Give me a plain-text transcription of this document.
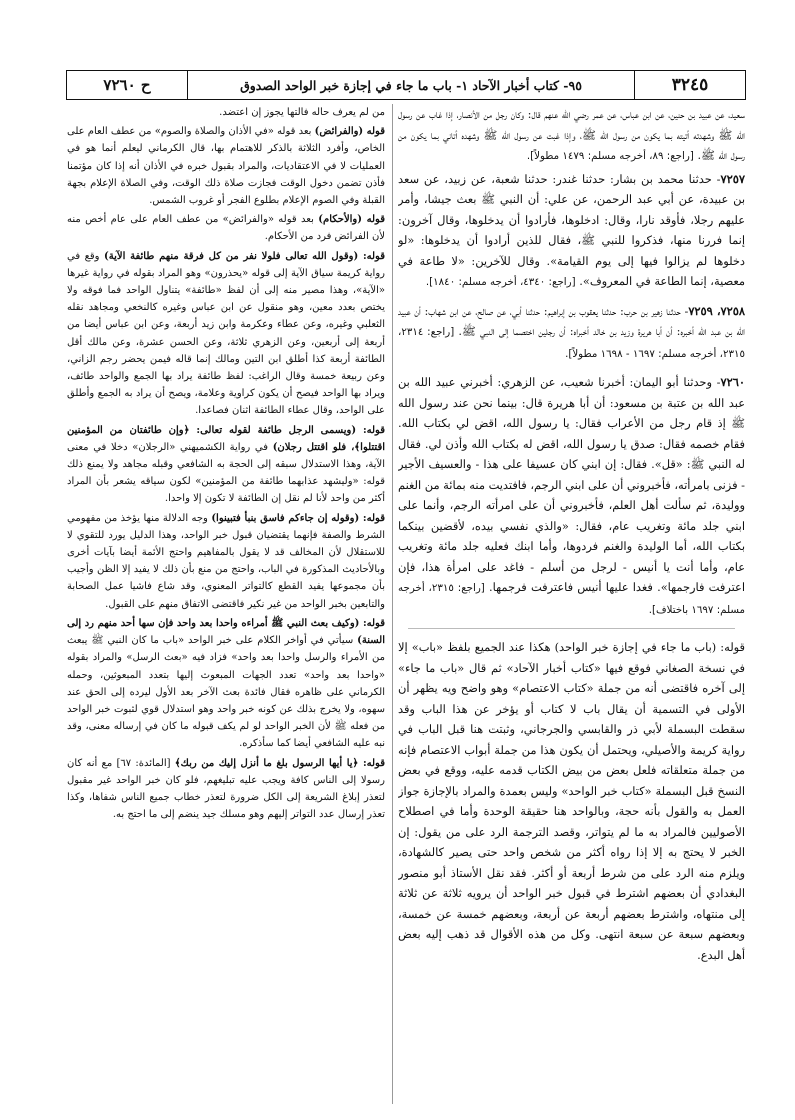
٣٢٤٥
٩٥- كتاب أخبار الآحاد ١- باب ما جاء في إجازة خبر الواحد الصدوق
ح ٧٢٦٠

سعيد، عن عبيد بن حنين، عن ابن عباس، عن عمر رضي الله عنهم قال: وكان رجل من الأنصار، إذا غاب عن رسول الله ﷺ وشهدته أتيته بما يكون من رسول الله ﷺ، وإذا غبت عن رسول الله ﷺ وشهده أتاني بما يكون من رسول الله ﷺ. [راجع: ٨٩، أخرجه مسلم: ١٤٧٩ مطولاً].

٧٢٥٧- حدثنا محمد بن بشار: حدثنا غندر: حدثنا شعبة، عن زبيد، عن سعد بن عبيدة، عن أبي عبد الرحمن، عن علي: أن النبي ﷺ بعث جيشا، وأمر عليهم رجلا، فأوقد نارا، وقال: ادخلوها، فأرادوا أن يدخلوها، وقال آخرون: إنما فررنا منها، فذكروا للنبي ﷺ، فقال للذين أرادوا أن يدخلوها: «لو دخلوها لم يزالوا فيها إلى يوم القيامة». وقال للآخرين: «لا طاعة في معصية، إنما الطاعة في المعروف». [راجع: ٤٣٤٠، أخرجه مسلم: ١٨٤٠].

٧٢٥٨، ٧٢٥٩- حدثنا زهير بن حرب: حدثنا يعقوب بن إبراهيم: حدثنا أبي، عن صالح، عن ابن شهاب: أن عبيد الله بن عبد الله أخبره: أن أبا هريرة وزيد بن خالد أخبراه: أن رجلين اختصما إلى النبي ﷺ. [راجع: ٢٣١٤، ٢٣١٥، أخرجه مسلم: ١٦٩٧ - ١٦٩٨ مطولاً].

٧٢٦٠- وحدثنا أبو اليمان: أخبرنا شعيب، عن الزهري: أخبرني عبيد الله بن عبد الله بن عتبة بن مسعود: أن أبا هريرة قال: بينما نحن عند رسول الله ﷺ إذ قام رجل من الأعراب فقال: يا رسول الله، اقض لي بكتاب الله. فقام خصمه فقال: صدق يا رسول الله، اقض له بكتاب الله وأذن لي. فقال له النبي ﷺ: «قل». فقال: إن ابني كان عسيفا على هذا - والعسيف الأجير - فزنى بامرأته، فأخبروني أن على ابني الرجم، فافتديت منه بمائة من الغنم ووليدة، ثم سألت أهل العلم، فأخبروني أن على امرأته الرجم، وأنما على ابني جلد مائة وتغريب عام، فقال: «والذي نفسي بيده، لأقضين بينكما بكتاب الله، أما الوليدة والغنم فردوها، وأما ابنك فعليه جلد مائة وتغريب عام، وأما أنت يا أنيس - لرجل من أسلم - فاغد على امرأة هذا، فإن اعترفت فارجمها». فغدا عليها أنيس فاعترفت فرجمها. [راجع: ٢٣١٥، أخرجه مسلم: ١٦٩٧ باختلاف].

قوله: (باب ما جاء في إجازة خبر الواحد) هكذا عند الجميع بلفظ «باب» إلا في نسخة الصغاني فوقع فيها «كتاب أخبار الآحاد» ثم قال «باب ما جاء» إلى آخره فاقتضى أنه من جملة «كتاب الاعتصام» وهو واضح ويه يظهر أن الأولى في التسمية أن يقال باب لا كتاب أو يؤخر عن هذا الباب وقد سقطت البسملة لأبي ذر والقابسي والجرجاني، وثبتت هنا قبل الباب في رواية كريمة والأصيلي، ويحتمل أن يكون هذا من جملة أبواب الاعتصام فإنه من جملة متعلقاته فلعل بعض من بيض الكتاب قدمه عليه، ووقع في بعض النسخ قبل البسملة «كتاب خبر الواحد» وليس بعمدة والمراد بالإجازة جواز العمل به والقول بأنه حجة، وبالواحد هنا حقيقة الوحدة وأما في اصطلاح الأصوليين فالمراد به ما لم يتواتر، وقصد الترجمة الرد على من يقول: إن الخبر لا يحتج به إلا إذا رواه أكثر من شخص واحد حتى يصير كالشهادة، ويلزم منه الرد على من شرط أربعة أو أكثر. فقد نقل الأستاذ أبو منصور البغدادي أن بعضهم اشترط في قبول خبر الواحد أن يرويه ثلاثة عن ثلاثة إلى منتهاه، واشترط بعضهم أربعة عن أربعة، وبعضهم خمسة عن خمسة، وبعضهم سبعة عن سبعة انتهى. وكل من هذه الأقوال قد ذهب إليه بعض أهل البدع.

من لم يعرف حاله فالتها يجوز إن اعتضد.

قوله (والفرائض) بعد قوله «في الأذان والصلاة والصوم» من عطف العام على الخاص، وأفرد الثلاثة بالذكر للاهتمام بها، قال الكرماني ليعلم أنما هو في العمليات لا في الاعتقاديات، والمراد بقبول خبره في الأذان أنه إذا كان مؤتمنا فأذن تضمن دخول الوقت فجازت صلاة ذلك الوقت، وفي الصلاة الإعلام بجهة القبلة وفي الصوم الإعلام بطلوع الفجر أو غروب الشمس.

قوله (والأحكام) بعد قوله «والفرائض» من عطف العام على عام أخص منه لأن الفرائض فرد من الأحكام.

قوله: (وقول الله تعالى فلولا نفر من كل فرقة منهم طائفة الآية) وقع في رواية كريمة سياق الآية إلى قوله «يحذرون» وهو المراد بقوله في رواية غيرها «الآية»، وهذا مصير منه إلى أن لفظ «طائفة» يتناول الواحد فما فوقه ولا يختص بعدد معين، وهو منقول عن ابن عباس وغيره كالنخعي ومجاهد نقله الثعلبي وغيره، وعن عطاء وعكرمة وابن زيد أربعة، وعن ابن عباس أيضا من أربعة إلى أربعين، وعن الزهري ثلاثة، وعن الحسن عشرة، وعن مالك أقل الطائفة أربعة كذا أطلق ابن التين ومالك إنما قاله فيمن يحضر رجم الزاني، وعن ربيعة خمسة وقال الراغب: لفظ طائفة يراد بها الجمع والواحد طائف، ويراد بها الواحد فيصح أن يكون كراوية وعلامة، ويصح أن يراد به الجمع وأطلق على الواحد، وقال عطاء الطائفة اثنان فصاعدا.

قوله: (ويسمى الرجل طائفة لقوله تعالى: ﴿وإن طائفتان من المؤمنين اقتتلوا﴾، فلو اقتتل رجلان) في رواية الكشميهني «الرجلان» دخلا في معنى الآية، وهذا الاستدلال سبقه إلى الحجة به الشافعي وقبله مجاهد ولا يمنع ذلك قوله: «وليشهد عذابهما طائفة من المؤمنين» لكون سياقه يشعر بأن المراد أكثر من واحد لأنا لم نقل إن الطائفة لا تكون إلا واحدا.

قوله: (وقوله إن جاءكم فاسق بنبأ فتبينوا) وجه الدلالة منها يؤخذ من مفهومي الشرط والصفة فإنهما يقتضيان قبول خبر الواحد، وهذا الدليل يورد للتقوي لا للاستقلال لأن المخالف قد لا يقول بالمفاهيم واحتج الأئمة أيضا بآيات أخرى وبالأحاديث المذكورة في الباب، واحتج من منع بأن ذلك لا يفيد إلا الظن وأجيب بأن مجموعها يفيد القطع كالتواتر المعنوي، وقد شاع فاشيا عمل الصحابة والتابعين بخبر الواحد من غير نكير فاقتضى الاتفاق منهم على القبول.

قوله: (وكيف بعث النبي ﷺ أمراءه واحدا بعد واحد فإن سها أحد منهم رد إلى السنة) سيأتي في أواخر الكلام على خبر الواحد «باب ما كان النبي ﷺ يبعث من الأمراء والرسل واحدا بعد واحد» فزاد فيه «بعث الرسل» والمراد بقوله «واحدا بعد واحد» تعدد الجهات المبعوث إليها بتعدد المبعوثين، وحمله الكرماني على ظاهره فقال فائدة بعث الآخر بعد الأول ليرده إلى الحق عند سهوه، ولا يخرج بذلك عن كونه خبر واحد وهو استدلال قوي لثبوت خبر الواحد من فعله ﷺ لأن الخبر الواحد لو لم يكف قبوله ما كان في إرساله معنى، وقد نبه عليه الشافعي أيضا كما سأذكره.

قوله: ﴿يا أيها الرسول بلغ ما أنزل إليك من ربك﴾ [المائدة: ٦٧] مع أنه كان رسولا إلى الناس كافة ويجب عليه تبليغهم، فلو كان خبر الواحد غير مقبول لتعذر إبلاغ الشريعة إلى الكل ضرورة لتعذر خطاب جميع الناس شفاها، وكذا تعذر إرسال عدد التواتر إليهم وهو مسلك جيد ينضم إلى ما احتج به.
